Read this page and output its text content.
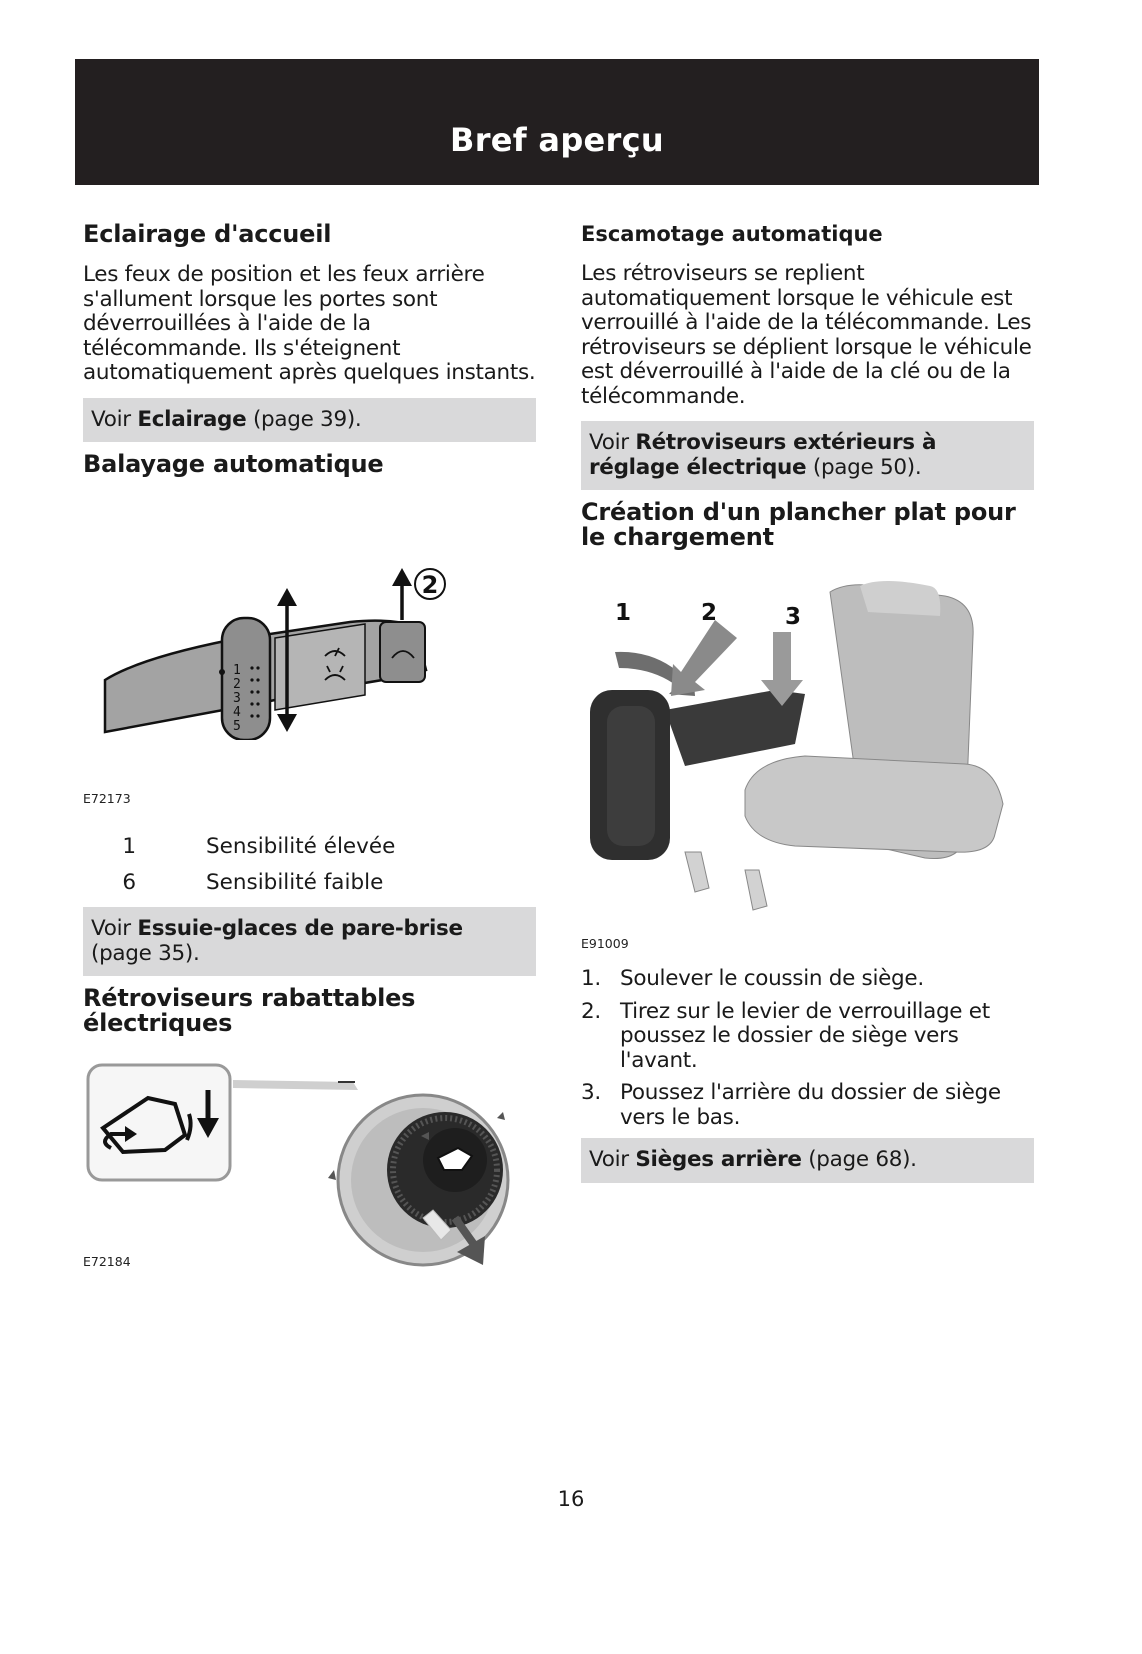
Bref aperçu
Eclairage d'accueil

Les feux de position et les feux arrière s'allument lorsque les portes sont déverrouillées à l'aide de la télécommande. Ils s'éteignent automatiquement après quelques instants.

Voir Eclairage (page 39).
Balayage automatique
1
2
3
4
5
2
E72173
1	Sensibilité élevée
6	Sensibilité faible
Voir Essuie-glaces de pare-brise (page 35).
Rétroviseurs rabattables électriques
E72184
Escamotage automatique

Les rétroviseurs se replient automatiquement lorsque le véhicule est verrouillé à l'aide de la télécommande. Les rétroviseurs se déplient lorsque le véhicule est déverrouillé à l'aide de la clé ou de la télécommande.

Voir Rétroviseurs extérieurs à réglage électrique (page 50).
Création d'un plancher plat pour le chargement
1	2	3
E91009
1. Soulever le coussin de siège.
2. Tirez sur le levier de verrouillage et poussez le dossier de siège vers l'avant.
3. Poussez l'arrière du dossier de siège vers le bas.
Voir Sièges arrière (page 68).
16
